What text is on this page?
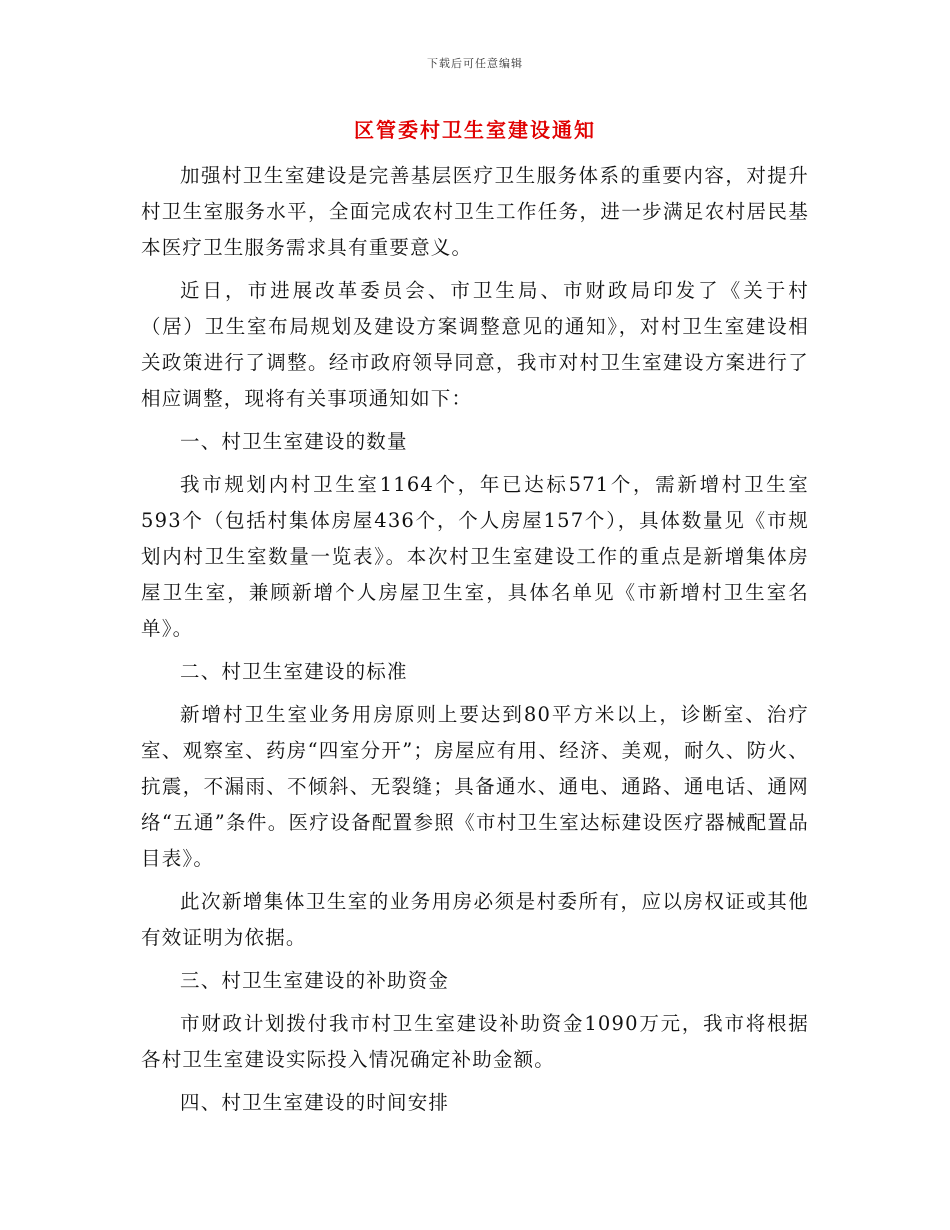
下载后可任意编辑
区管委村卫生室建设通知

加强村卫生室建设是完善基层医疗卫生服务体系的重要内容，对提升村卫生室服务水平，全面完成农村卫生工作任务，进一步满足农村居民基本医疗卫生服务需求具有重要意义。

近日，市进展改革委员会、市卫生局、市财政局印发了《关于村（居）卫生室布局规划及建设方案调整意见的通知》，对村卫生室建设相关政策进行了调整。经市政府领导同意，我市对村卫生室建设方案进行了相应调整，现将有关事项通知如下：

一、村卫生室建设的数量

我市规划内村卫生室1164个，年已达标571个，需新增村卫生室593个（包括村集体房屋436个，个人房屋157个），具体数量见《市规划内村卫生室数量一览表》。本次村卫生室建设工作的重点是新增集体房屋卫生室，兼顾新增个人房屋卫生室，具体名单见《市新增村卫生室名单》。

二、村卫生室建设的标准

新增村卫生室业务用房原则上要达到80平方米以上，诊断室、治疗室、观察室、药房“四室分开”；房屋应有用、经济、美观，耐久、防火、抗震，不漏雨、不倾斜、无裂缝；具备通水、通电、通路、通电话、通网络“五通”条件。医疗设备配置参照《市村卫生室达标建设医疗器械配置品目表》。

此次新增集体卫生室的业务用房必须是村委所有，应以房权证或其他有效证明为依据。

三、村卫生室建设的补助资金

市财政计划拨付我市村卫生室建设补助资金1090万元，我市将根据各村卫生室建设实际投入情况确定补助金额。

四、村卫生室建设的时间安排
